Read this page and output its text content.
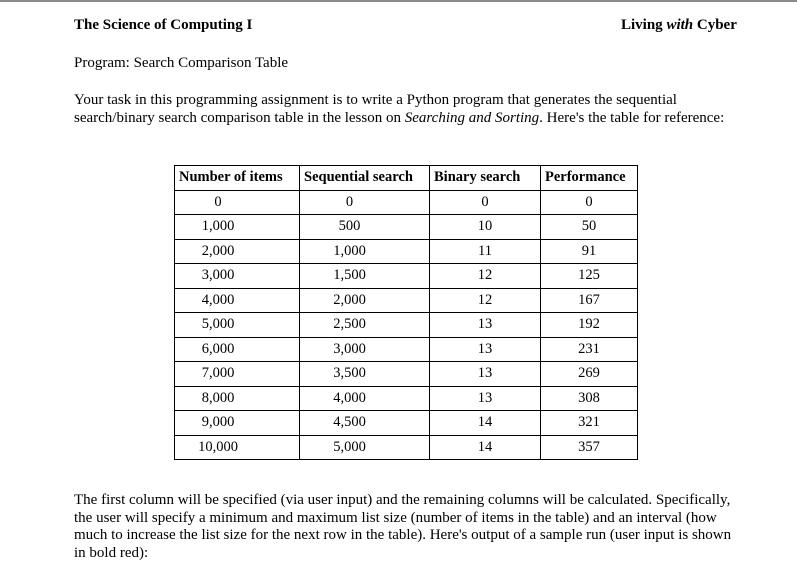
The Science of Computing I	Living with Cyber
Program: Search Comparison Table
Your task in this programming assignment is to write a Python program that generates the sequential search/binary search comparison table in the lesson on Searching and Sorting. Here's the table for reference:
Number of items	Sequential search	Binary search	Performance
0	0	0	0
1,000	500	10	50
2,000	1,000	11	91
3,000	1,500	12	125
4,000	2,000	12	167
5,000	2,500	13	192
6,000	3,000	13	231
7,000	3,500	13	269
8,000	4,000	13	308
9,000	4,500	14	321
10,000	5,000	14	357
The first column will be specified (via user input) and the remaining columns will be calculated. Specifically, the user will specify a minimum and maximum list size (number of items in the table) and an interval (how much to increase the list size for the next row in the table). Here's output of a sample run (user input is shown in bold red):
